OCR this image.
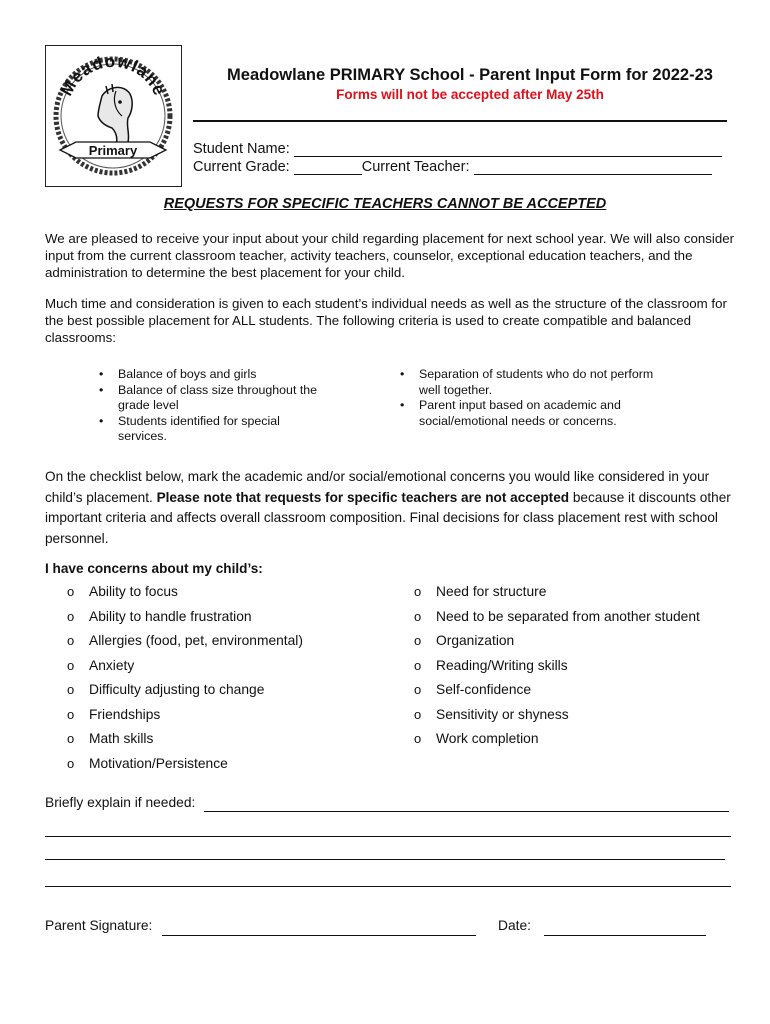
Meadowlane
Primary
Meadowlane PRIMARY School - Parent Input Form for 2022-23
Forms will not be accepted after May 25th
Student Name:
Current Grade:	Current Teacher:
REQUESTS FOR SPECIFIC TEACHERS CANNOT BE ACCEPTED
We are pleased to receive your input about your child regarding placement for next school year. We will also consider input from the current classroom teacher, activity teachers, counselor, exceptional education teachers, and the administration to determine the best placement for your child.
Much time and consideration is given to each student’s individual needs as well as the structure of the classroom for the best possible placement for ALL students. The following criteria is used to create compatible and balanced classrooms:
• Balance of boys and girls
• Balance of class size throughout the grade level
• Students identified for special services.
• Separation of students who do not perform well together.
• Parent input based on academic and social/emotional needs or concerns.
On the checklist below, mark the academic and/or social/emotional concerns you would like considered in your child’s placement. Please note that requests for specific teachers are not accepted because it discounts other important criteria and affects overall classroom composition. Final decisions for class placement rest with school personnel.
I have concerns about my child’s:
o Ability to focus
o Ability to handle frustration
o Allergies (food, pet, environmental)
o Anxiety
o Difficulty adjusting to change
o Friendships
o Math skills
o Motivation/Persistence
o Need for structure
o Need to be separated from another student
o Organization
o Reading/Writing skills
o Self-confidence
o Sensitivity or shyness
o Work completion
Briefly explain if needed:
Parent Signature:	Date:
